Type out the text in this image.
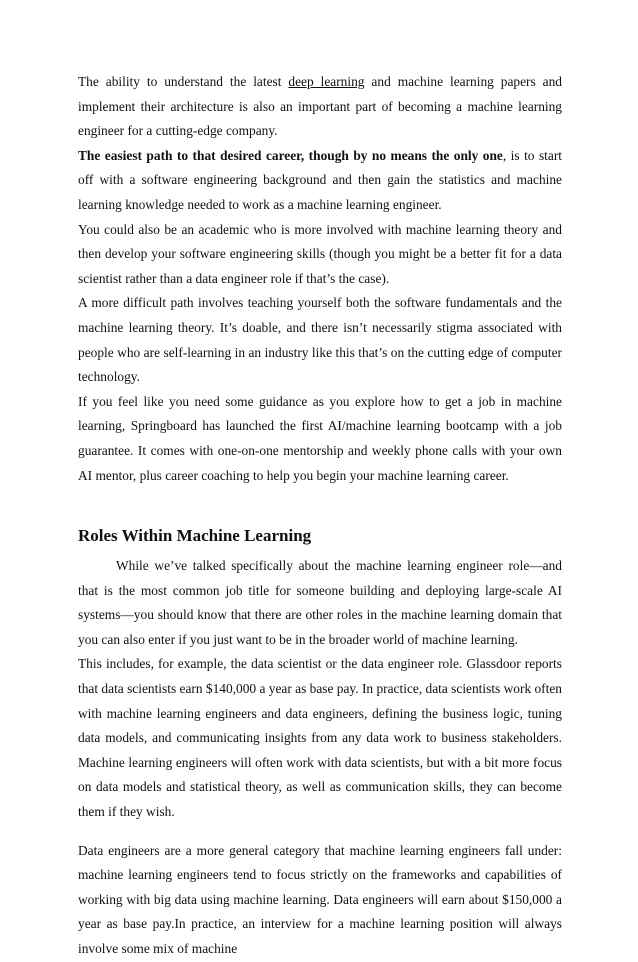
The ability to understand the latest deep learning and machine learning papers and implement their architecture is also an important part of becoming a machine learning engineer for a cutting-edge company.

The easiest path to that desired career, though by no means the only one, is to start off with a software engineering background and then gain the statistics and machine learning knowledge needed to work as a machine learning engineer.

You could also be an academic who is more involved with machine learning theory and then develop your software engineering skills (though you might be a better fit for a data scientist rather than a data engineer role if that’s the case).

A more difficult path involves teaching yourself both the software fundamentals and the machine learning theory. It’s doable, and there isn’t necessarily stigma associated with people who are self-learning in an industry like this that’s on the cutting edge of computer technology.

If you feel like you need some guidance as you explore how to get a job in machine learning, Springboard has launched the first AI/machine learning bootcamp with a job guarantee. It comes with one-on-one mentorship and weekly phone calls with your own AI mentor, plus career coaching to help you begin your machine learning career.

Roles Within Machine Learning

While we’ve talked specifically about the machine learning engineer role—and that is the most common job title for someone building and deploying large-scale AI systems—you should know that there are other roles in the machine learning domain that you can also enter if you just want to be in the broader world of machine learning.

This includes, for example, the data scientist or the data engineer role. Glassdoor reports that data scientists earn $140,000 a year as base pay. In practice, data scientists work often with machine learning engineers and data engineers, defining the business logic, tuning data models, and communicating insights from any data work to business stakeholders. Machine learning engineers will often work with data scientists, but with a bit more focus on data models and statistical theory, as well as communication skills, they can become them if they wish.

Data engineers are a more general category that machine learning engineers fall under: machine learning engineers tend to focus strictly on the frameworks and capabilities of working with big data using machine learning. Data engineers will earn about $150,000 a year as base pay.In practice, an interview for a machine learning position will always involve some mix of machine
